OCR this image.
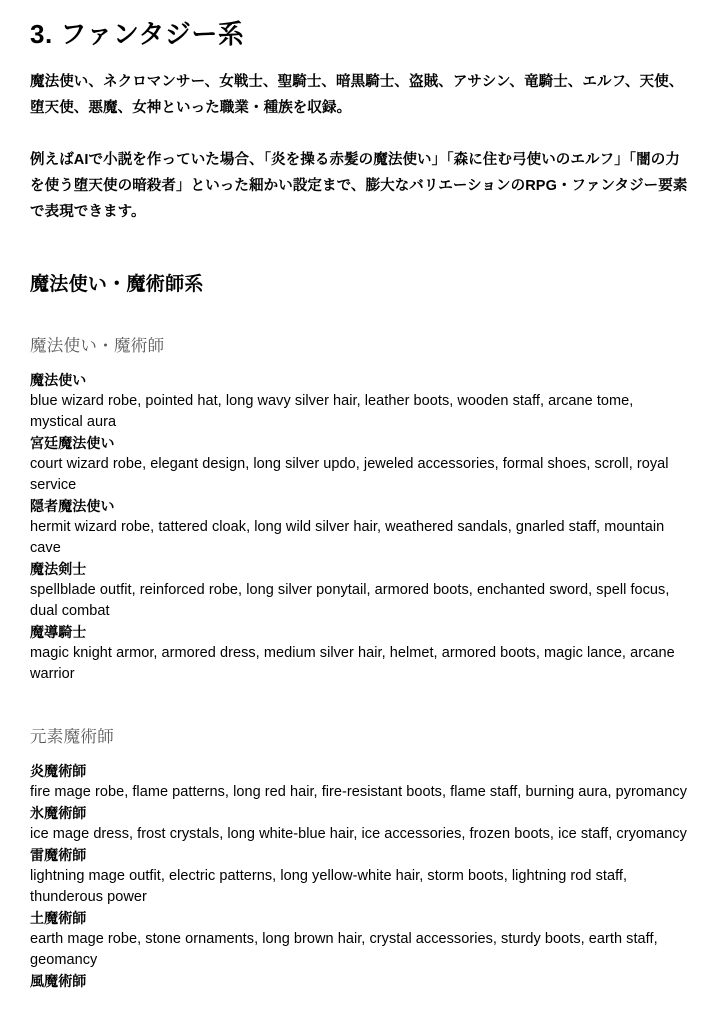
3. ファンタジー系

魔法使い、ネクロマンサー、女戦士、聖騎士、暗黒騎士、盗賊、アサシン、竜騎士、エルフ、天使、堕天使、悪魔、女神といった職業・種族を収録。

例えばAIで小説を作っていた場合、「炎を操る赤髪の魔法使い」「森に住む弓使いのエルフ」「闇の力を使う堕天使の暗殺者」といった細かい設定まで、膨大なバリエーションのRPG・ファンタジー要素で表現できます。

魔法使い・魔術師系
魔法使い・魔術師
魔法使い
blue wizard robe, pointed hat, long wavy silver hair, leather boots, wooden staff, arcane tome, mystical aura
宮廷魔法使い
court wizard robe, elegant design, long silver updo, jeweled accessories, formal shoes, scroll, royal service
隠者魔法使い
hermit wizard robe, tattered cloak, long wild silver hair, weathered sandals, gnarled staff, mountain cave
魔法剣士
spellblade outfit, reinforced robe, long silver ponytail, armored boots, enchanted sword, spell focus, dual combat
魔導騎士
magic knight armor, armored dress, medium silver hair, helmet, armored boots, magic lance, arcane warrior
元素魔術師
炎魔術師
fire mage robe, flame patterns, long red hair, fire-resistant boots, flame staff, burning aura, pyromancy
氷魔術師
ice mage dress, frost crystals, long white-blue hair, ice accessories, frozen boots, ice staff, cryomancy
雷魔術師
lightning mage outfit, electric patterns, long yellow-white hair, storm boots, lightning rod staff, thunderous power
土魔術師
earth mage robe, stone ornaments, long brown hair, crystal accessories, sturdy boots, earth staff, geomancy
風魔術師
